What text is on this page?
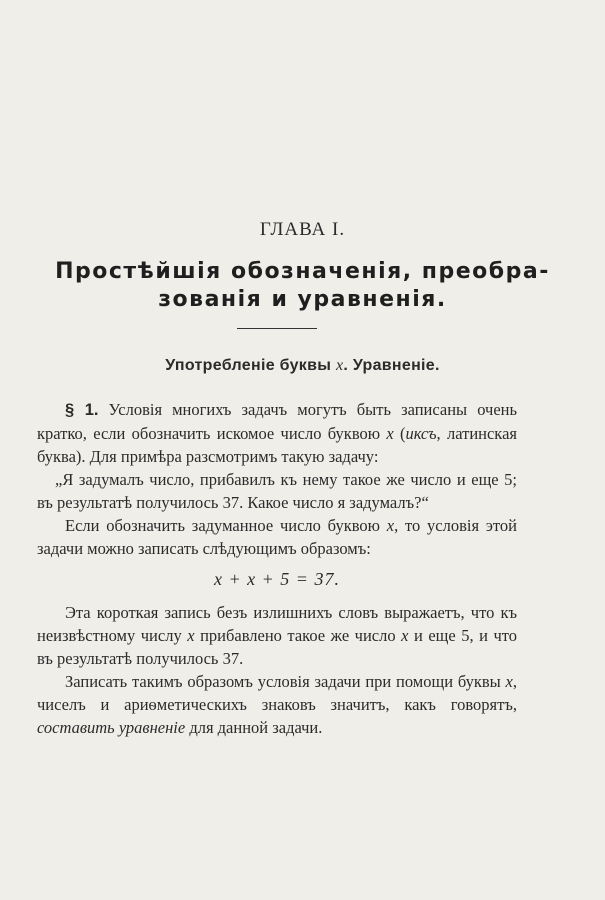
ГЛАВА I.
Простѣйшія обозначенія, преобра-
зованія и уравненія.
Употребленіе буквы x. Уравненіе.

§ 1. Условія многихъ задачъ могутъ быть записаны очень кратко, если обозначить искомое число буквою x (иксъ, латинская буква). Для примѣра разсмотримъ такую задачу:

„Я задумалъ число, прибавилъ къ нему такое же число и еще 5; въ результатѣ получилось 37. Какое число я задумалъ?“

Если обозначить задуманное число буквою x, то условія этой задачи можно записать слѣдующимъ образомъ:

x + x + 5 = 37.

Эта короткая запись безъ излишнихъ словъ выражаетъ, что къ неизвѣстному числу x прибавлено такое же число x и еще 5, и что въ результатѣ получилось 37.

Записать такимъ образомъ условія задачи при помощи буквы x, чиселъ и ариѳметическихъ знаковъ значитъ, какъ говорятъ, составить уравненіе для данной задачи.
